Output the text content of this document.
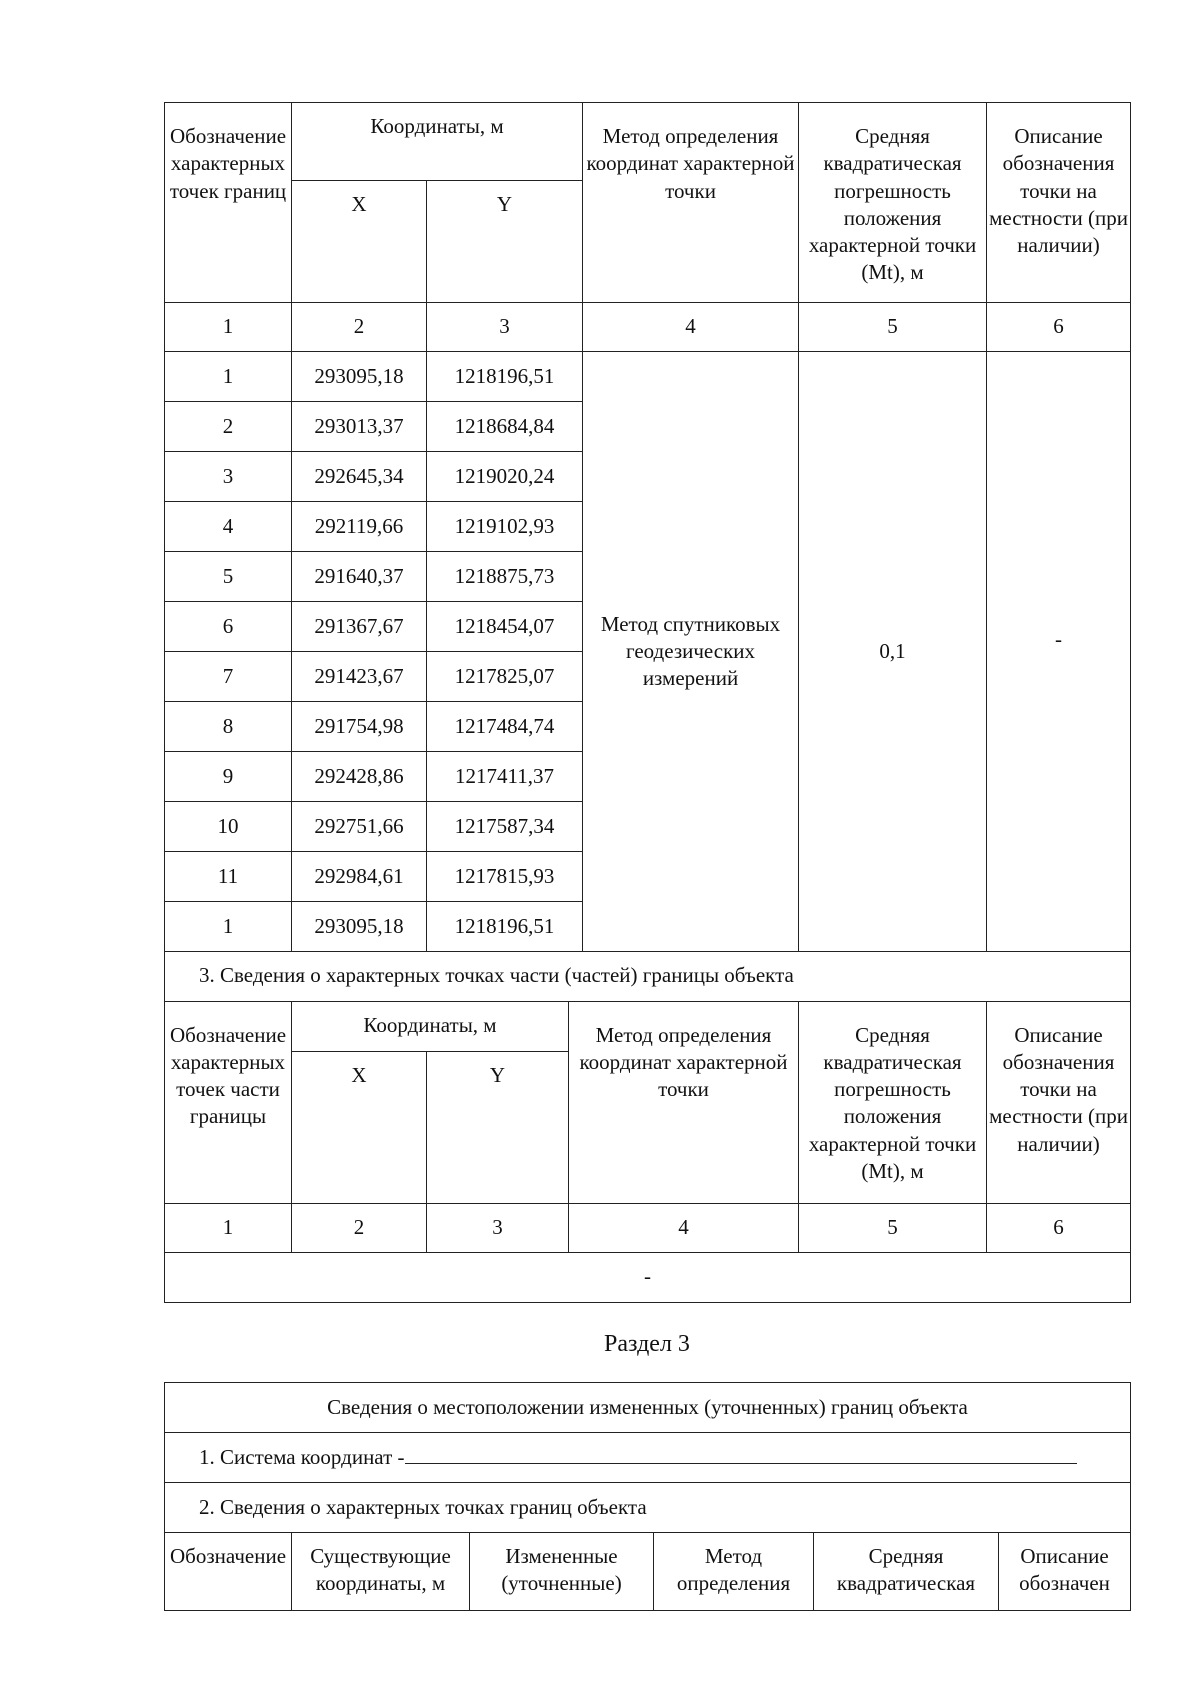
Обозначение характерных точек границ	Координаты, м		Метод определения координат характерной точки	Средняя квадратическая погрешность положения характерной точки (Mt), м	Описание обозначения точки на местности (при наличии)
	X	Y			
1	2	3	4	5	6
1	293095,18	1218196,51	Метод спутниковых геодезических измерений	0,1	-
2	293013,37	1218684,84			
3	292645,34	1219020,24			
4	292119,66	1219102,93			
5	291640,37	1218875,73			
6	291367,67	1218454,07			
7	291423,67	1217825,07			
8	291754,98	1217484,74			
9	292428,86	1217411,37			
10	292751,66	1217587,34			
11	292984,61	1217815,93			
1	293095,18	1218196,51			
3. Сведения о характерных точках части (частей) границы объекта					
Обозначение характерных точек части границы	Координаты, м		Метод определения координат характерной точки	Средняя квадратическая погрешность положения характерной точки (Mt), м	Описание обозначения точки на местности (при наличии)
	X	Y			
1	2	3	4	5	6
-					
Раздел 3
Сведения о местоположении измененных (уточненных) границ объекта
1. Система координат -
2. Сведения о характерных точках границ объекта
Обозначение	Существующие координаты, м	Измененные (уточненные)	Метод определения	Средняя квадратическая	Описание обозначен
